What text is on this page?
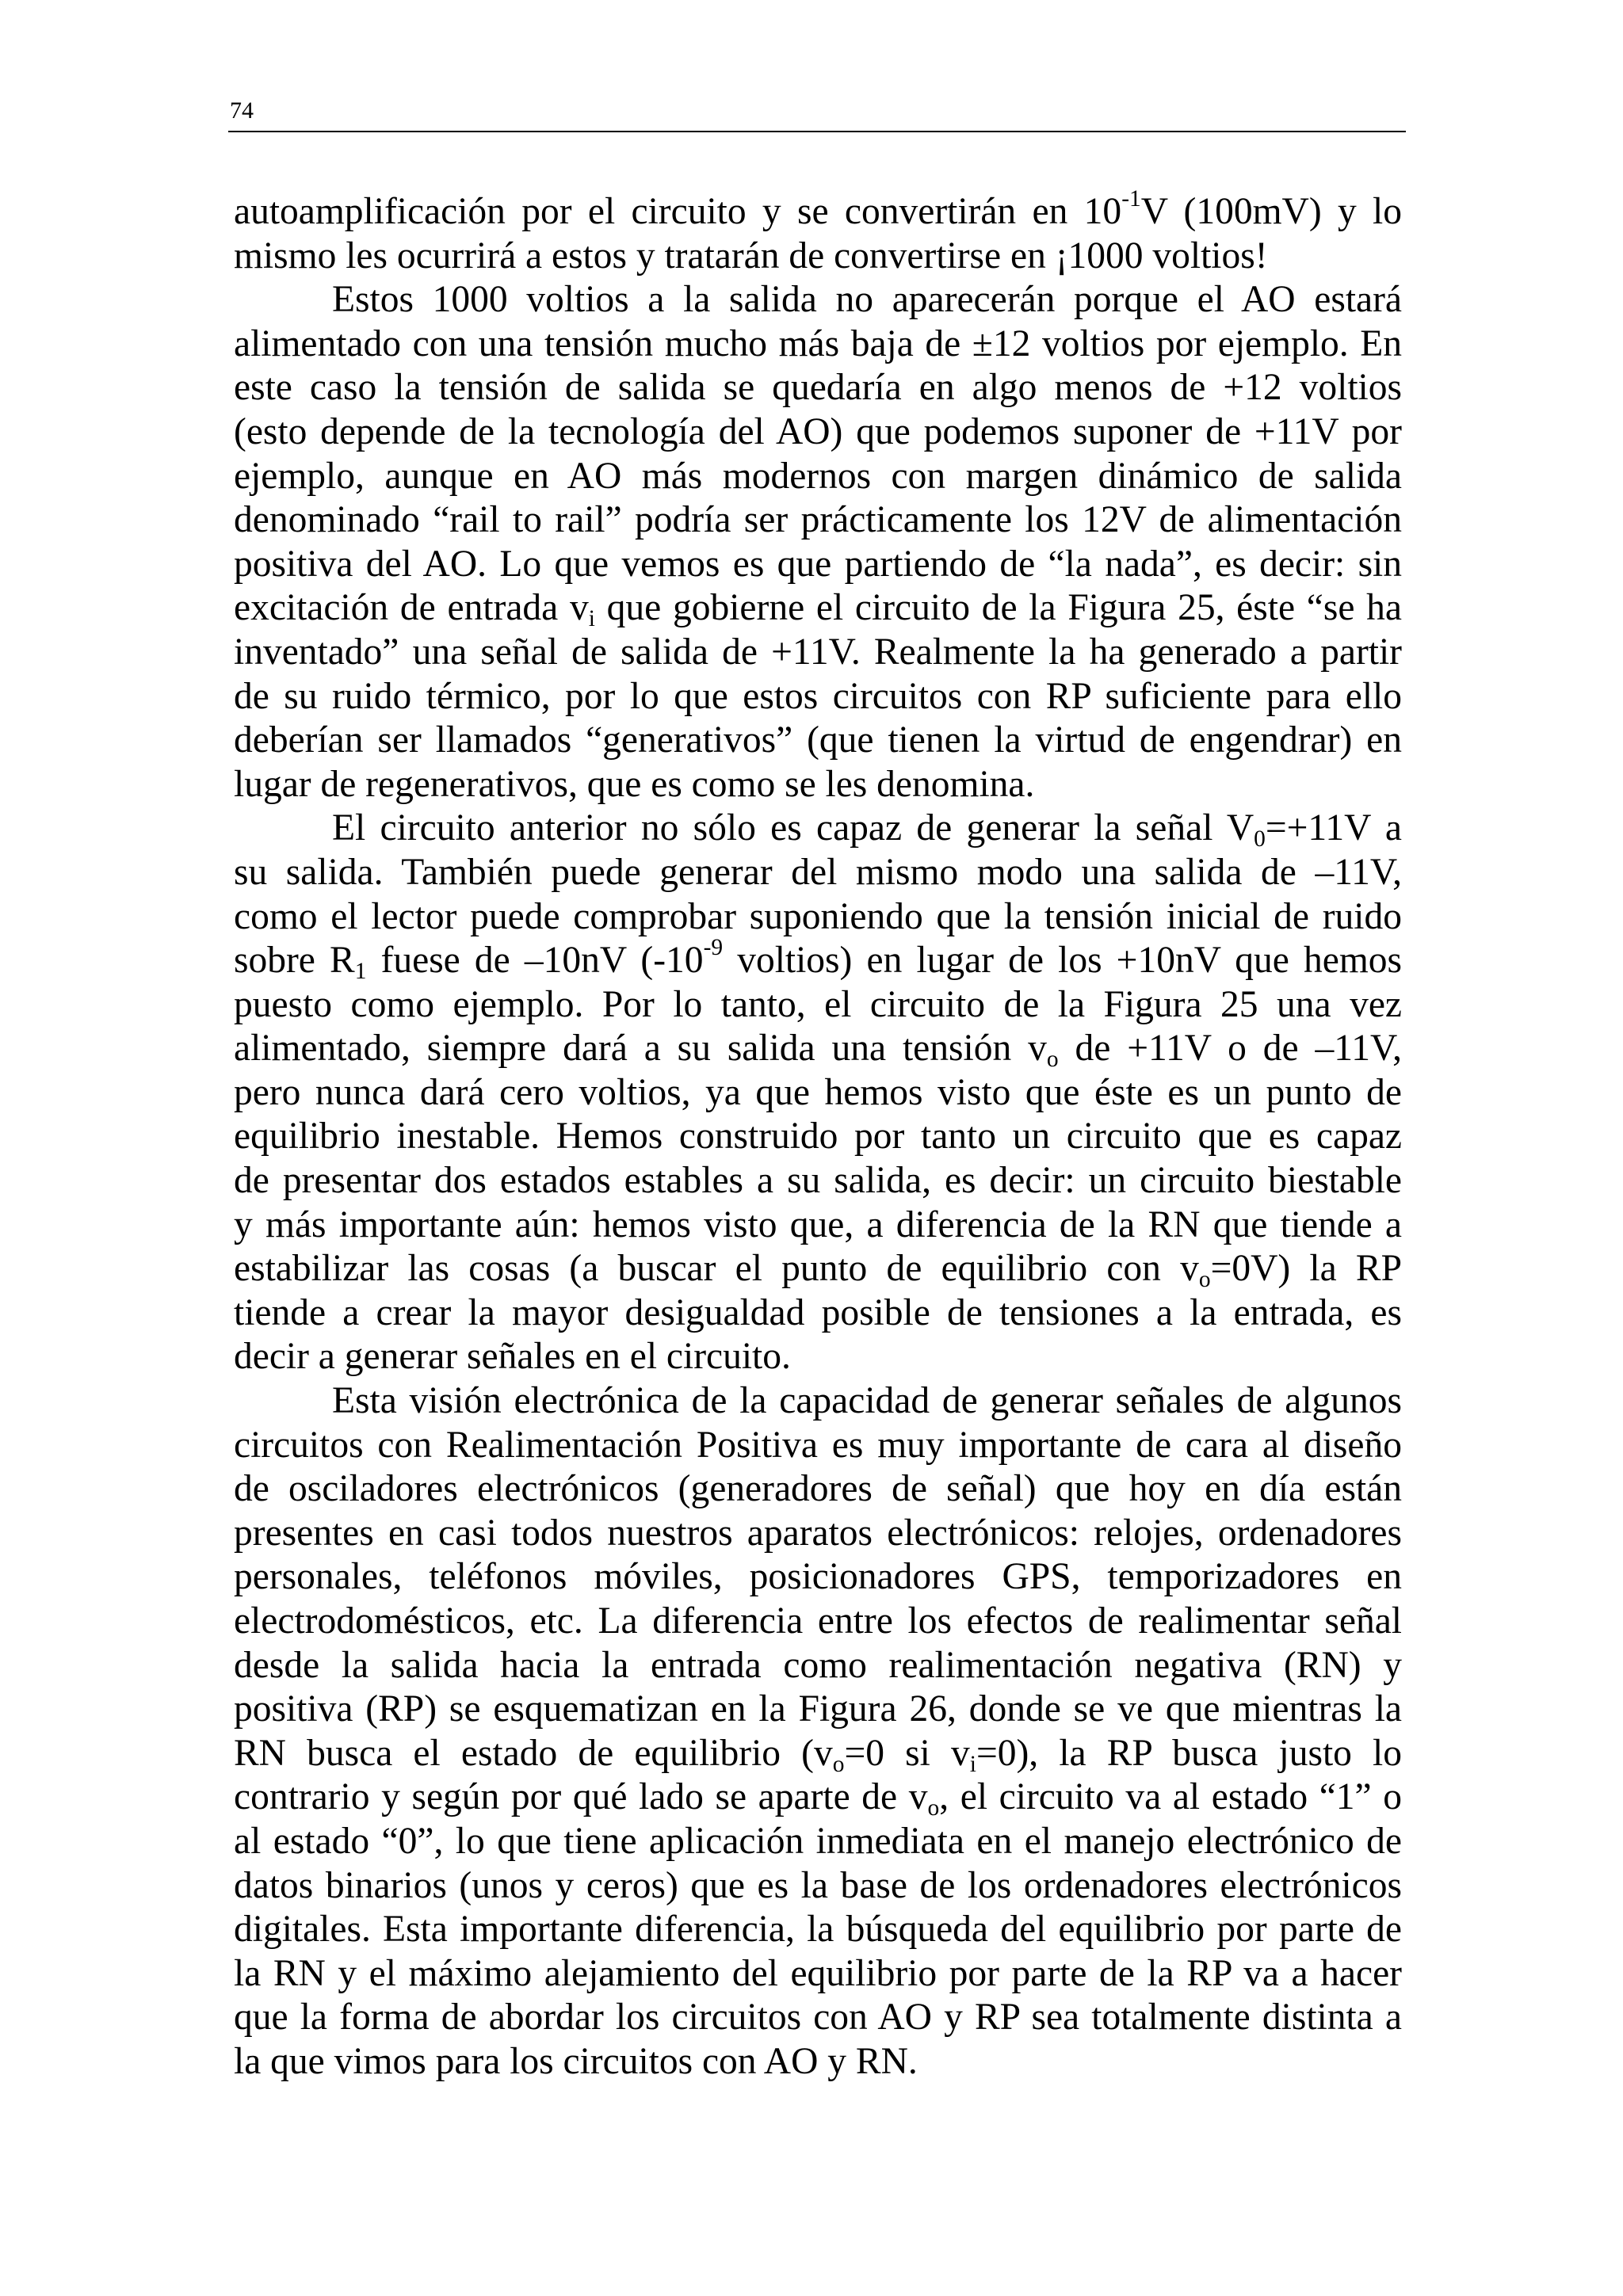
74

autoamplificación por el circuito y se convertirán en $10^{-1}V$ (100mV) y lo
mismo les ocurrirá a estos y tratarán de convertirse en ¡1000 voltios!

Estos 1000 voltios a la salida no aparecerán porque el AO estará
alimentado con una tensión mucho más baja de ±12 voltios por ejemplo. En
este caso la tensión de salida se quedaría en algo menos de +12 voltios
(esto depende de la tecnología del AO) que podemos suponer de +11V por
ejemplo, aunque en AO más modernos con margen dinámico de salida
denominado “rail to rail” podría ser prácticamente los 12V de alimentación
positiva del AO. Lo que vemos es que partiendo de “la nada”, es decir: sin
excitación de entrada $v_i$ que gobierne el circuito de la Figura 25, éste “se ha
inventado” una señal de salida de +11V. Realmente la ha generado a partir
de su ruido térmico, por lo que estos circuitos con RP suficiente para ello
deberían ser llamados “generativos” (que tienen la virtud de engendrar) en
lugar de regenerativos, que es como se les denomina.

El circuito anterior no sólo es capaz de generar la señal $V_0=+11V$ a
su salida. También puede generar del mismo modo una salida de –11V,
como el lector puede comprobar suponiendo que la tensión inicial de ruido
sobre $R_1$ fuese de –10nV ($-10^{-9}$ voltios) en lugar de los +10nV que hemos
puesto como ejemplo. Por lo tanto, el circuito de la Figura 25 una vez
alimentado, siempre dará a su salida una tensión $v_o$ de +11V o de –11V,
pero nunca dará cero voltios, ya que hemos visto que éste es un punto de
equilibrio inestable. Hemos construido por tanto un circuito que es capaz
de presentar dos estados estables a su salida, es decir: un circuito biestable
y más importante aún: hemos visto que, a diferencia de la RN que tiende a
estabilizar las cosas (a buscar el punto de equilibrio con $v_o=0V$) la RP
tiende a crear la mayor desigualdad posible de tensiones a la entrada, es
decir a generar señales en el circuito.

Esta visión electrónica de la capacidad de generar señales de algunos
circuitos con Realimentación Positiva es muy importante de cara al diseño
de osciladores electrónicos (generadores de señal) que hoy en día están
presentes en casi todos nuestros aparatos electrónicos: relojes, ordenadores
personales, teléfonos móviles, posicionadores GPS, temporizadores en
electrodomésticos, etc. La diferencia entre los efectos de realimentar señal
desde la salida hacia la entrada como realimentación negativa (RN) y
positiva (RP) se esquematizan en la Figura 26, donde se ve que mientras la
RN busca el estado de equilibrio ($v_o=0$ si $v_i=0$), la RP busca justo lo
contrario y según por qué lado se aparte de $v_o$, el circuito va al estado “1” o
al estado “0”, lo que tiene aplicación inmediata en el manejo electrónico de
datos binarios (unos y ceros) que es la base de los ordenadores electrónicos
digitales. Esta importante diferencia, la búsqueda del equilibrio por parte de
la RN y el máximo alejamiento del equilibrio por parte de la RP va a hacer
que la forma de abordar los circuitos con AO y RP sea totalmente distinta a
la que vimos para los circuitos con AO y RN.
